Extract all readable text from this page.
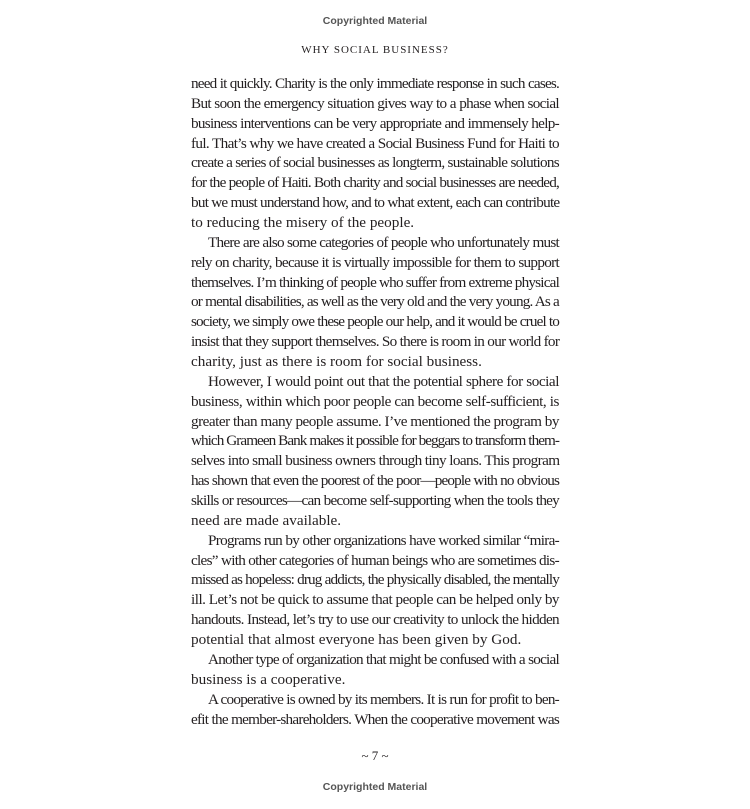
Copyrighted Material
WHY SOCIAL BUSINESS?
need it quickly. Charity is the only immediate response in such cases.
But soon the emergency situation gives way to a phase when social
business interventions can be very appropriate and immensely help-
ful. That’s why we have created a Social Business Fund for Haiti to
create a series of social businesses as longterm, sustainable solutions
for the people of Haiti. Both charity and social businesses are needed,
but we must understand how, and to what extent, each can contribute
to reducing the misery of the people.
There are also some categories of people who unfortunately must
rely on charity, because it is virtually impossible for them to support
themselves. I’m thinking of people who suffer from extreme physical
or mental disabilities, as well as the very old and the very young. As a
society, we simply owe these people our help, and it would be cruel to
insist that they support themselves. So there is room in our world for
charity, just as there is room for social business.
However, I would point out that the potential sphere for social
business, within which poor people can become self-sufficient, is
greater than many people assume. I’ve mentioned the program by
which Grameen Bank makes it possible for beggars to transform them-
selves into small business owners through tiny loans. This program
has shown that even the poorest of the poor—people with no obvious
skills or resources—can become self-supporting when the tools they
need are made available.
Programs run by other organizations have worked similar “mira-
cles” with other categories of human beings who are sometimes dis-
missed as hopeless: drug addicts, the physically disabled, the mentally
ill. Let’s not be quick to assume that people can be helped only by
handouts. Instead, let’s try to use our creativity to unlock the hidden
potential that almost everyone has been given by God.
Another type of organization that might be confused with a social
business is a cooperative.
A cooperative is owned by its members. It is run for profit to ben-
efit the member-shareholders. When the cooperative movement was
~ 7 ~
Copyrighted Material
